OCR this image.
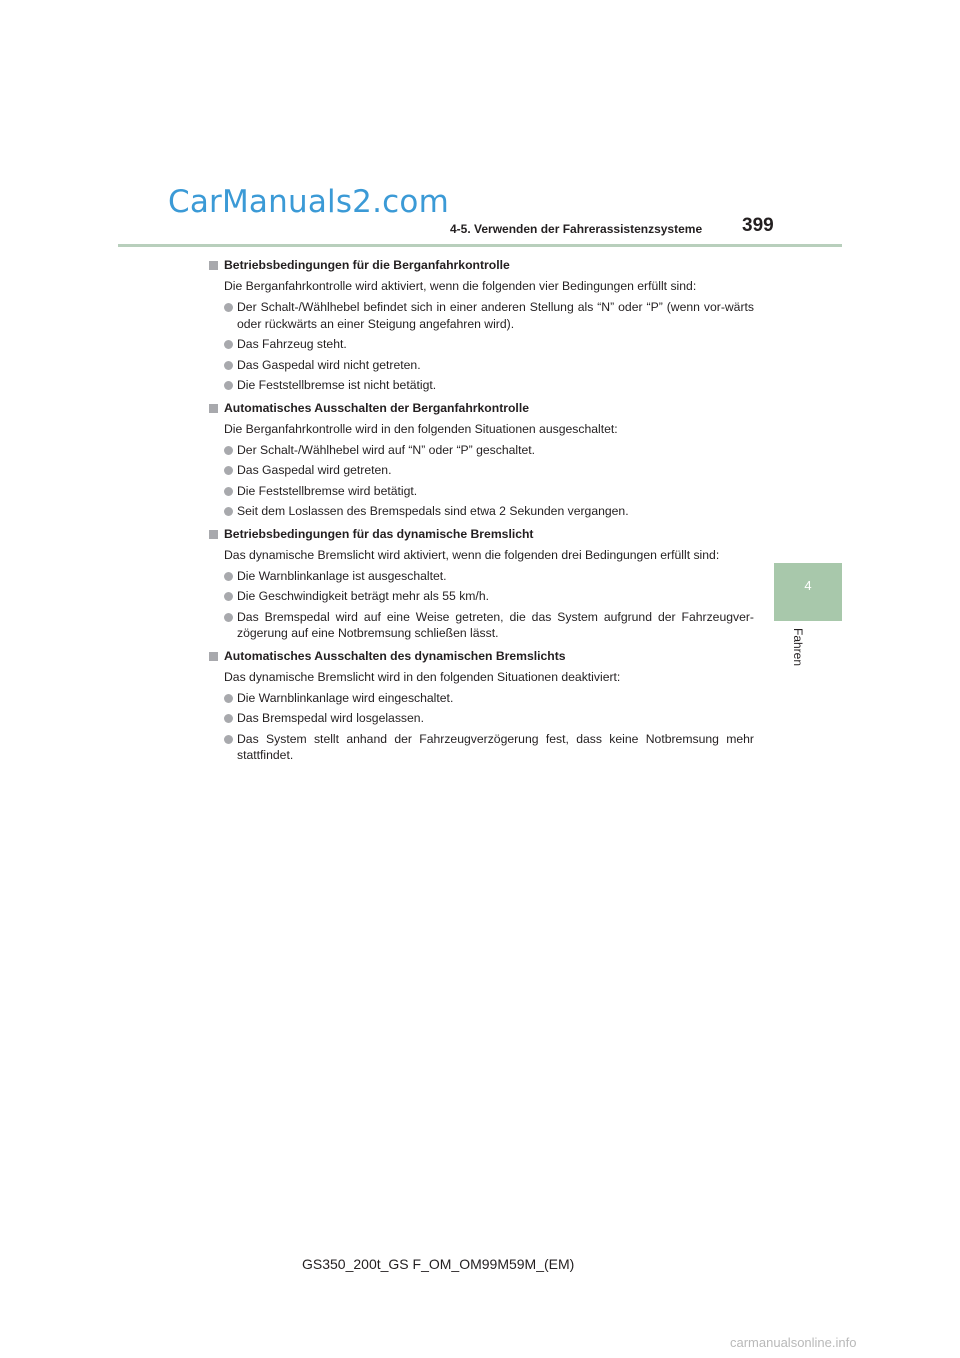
CarManuals2.com
4-5. Verwenden der Fahrerassistenzsysteme 399
4
Fahren
Betriebsbedingungen für die Berganfahrkontrolle
Die Berganfahrkontrolle wird aktiviert, wenn die folgenden vier Bedingungen erfüllt sind:
Der Schalt-/Wählhebel befindet sich in einer anderen Stellung als “N” oder “P” (wenn vor-wärts oder rückwärts an einer Steigung angefahren wird).
Das Fahrzeug steht.
Das Gaspedal wird nicht getreten.
Die Feststellbremse ist nicht betätigt.
Automatisches Ausschalten der Berganfahrkontrolle
Die Berganfahrkontrolle wird in den folgenden Situationen ausgeschaltet:
Der Schalt-/Wählhebel wird auf “N” oder “P” geschaltet.
Das Gaspedal wird getreten.
Die Feststellbremse wird betätigt.
Seit dem Loslassen des Bremspedals sind etwa 2 Sekunden vergangen.
Betriebsbedingungen für das dynamische Bremslicht
Das dynamische Bremslicht wird aktiviert, wenn die folgenden drei Bedingungen erfüllt sind:
Die Warnblinkanlage ist ausgeschaltet.
Die Geschwindigkeit beträgt mehr als 55 km/h.
Das Bremspedal wird auf eine Weise getreten, die das System aufgrund der Fahrzeugver-zögerung auf eine Notbremsung schließen lässt.
Automatisches Ausschalten des dynamischen Bremslichts
Das dynamische Bremslicht wird in den folgenden Situationen deaktiviert:
Die Warnblinkanlage wird eingeschaltet.
Das Bremspedal wird losgelassen.
Das System stellt anhand der Fahrzeugverzögerung fest, dass keine Notbremsung mehr stattfindet.
GS350_200t_GS F_OM_OM99M59M_(EM)
carmanualsonline.info
